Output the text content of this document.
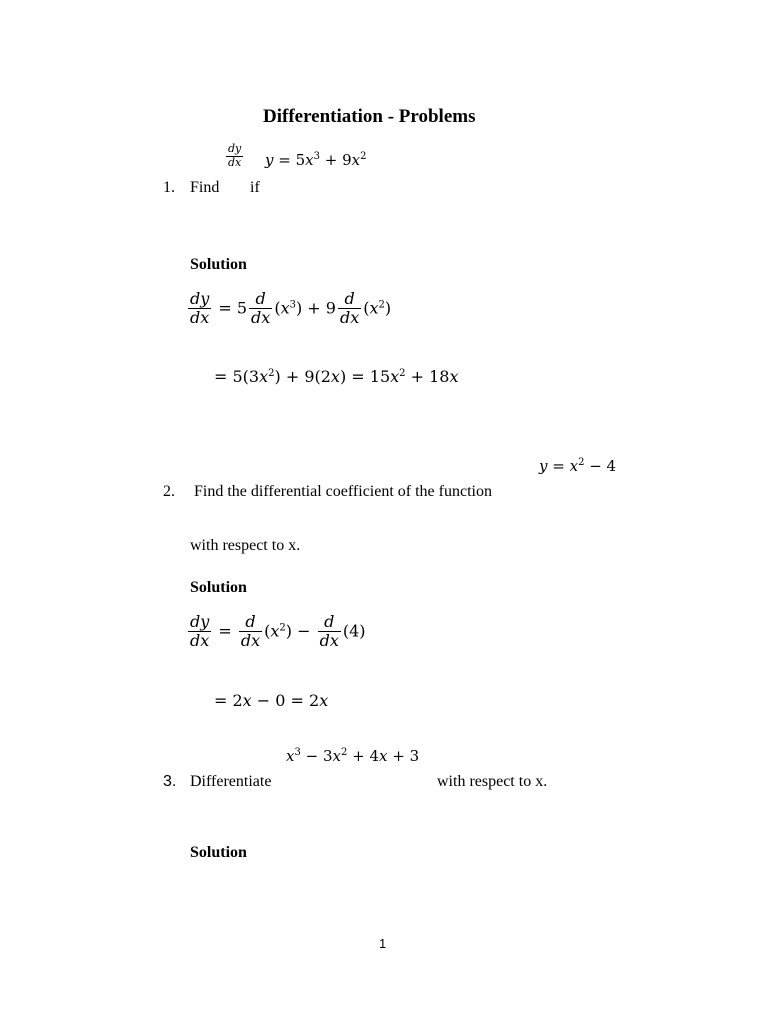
Differentiation - Problems
$\frac{dy}{dx}$ $y = 5x^3 + 9x^2$
1. Find if
Solution
$\frac{dy}{dx} = 5 \frac{d}{dx} (x^3) + 9 \frac{d}{dx} (x^2)$
= $5(3x^2) + 9(2x) = 15x^2 + 18x$
$y = x^2 - 4$
2. Find the differential coefficient of the function
with respect to x.
Solution
$\frac{dy}{dx} = \frac{d}{dx} (x^2) - \frac{d}{dx} (4)$
= 2x − 0 = 2x
$x^3 - 3x^2 + 4x + 3$
3. Differentiate	with respect to x.
Solution
1
